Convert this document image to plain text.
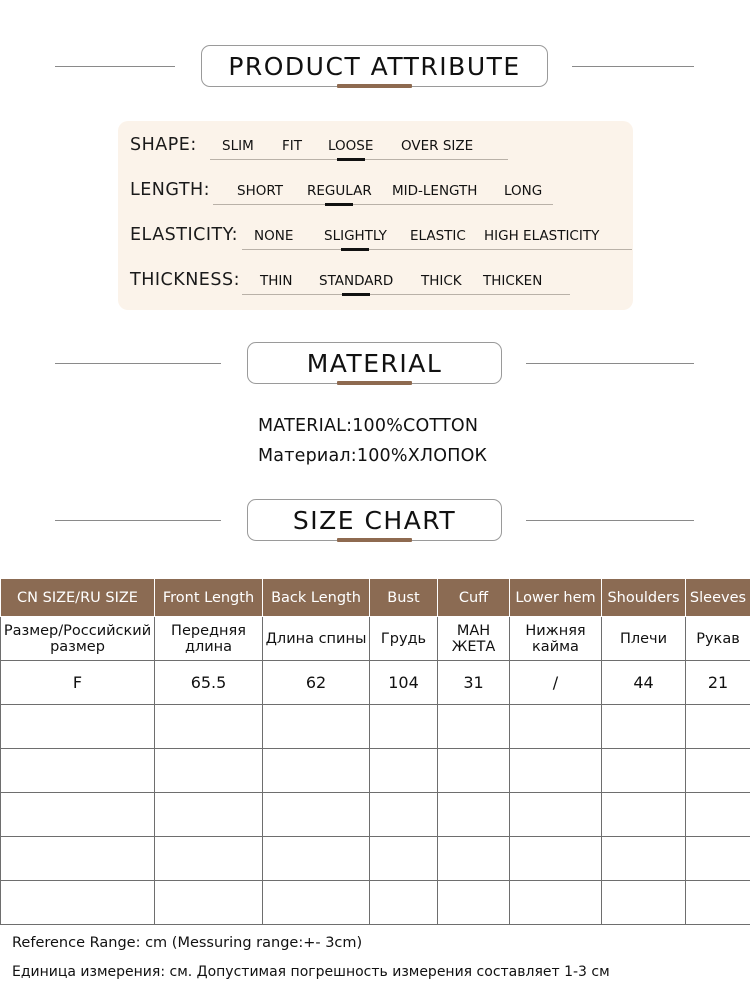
PRODUCT ATTRIBUTE
SHAPE: SLIM FIT LOOSE OVER SIZE
LENGTH: SHORT REGULAR MID-LENGTH LONG
ELASTICITY: NONE SLIGHTLY ELASTIC HIGH ELASTICITY
THICKNESS: THIN STANDARD THICK THICKEN
MATERIAL
MATERIAL:100%COTTON
Материал:100%ХЛОПОК
SIZE CHART
CN SIZE/RU SIZE	Front Length	Back Length	Bust	Cuff	Lower hem	Shoulders	Sleeves
Размер/Российский размер	Передняя длина	Длина спины	Грудь	МАН ЖЕТА	Нижняя кайма	Плечи	Рукав
F	65.5	62	104	31	/	44	21

Reference Range: cm (Messuring range:+- 3cm)
Единица измерения: см. Допустимая погрешность измерения составляет 1-3 см
